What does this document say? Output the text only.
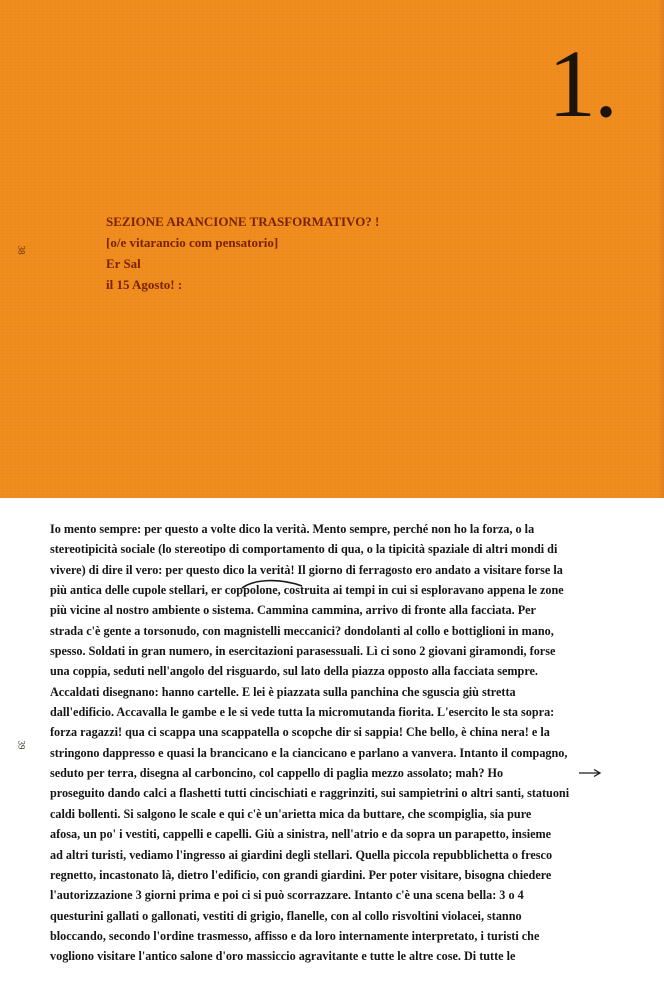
1.
SEZIONE ARANCIONE TRASFORMATIVO? !
[o/e vitarancio com pensatorio]
Er Sal
il 15 Agosto! :
38
39
Io mento sempre: per questo a volte dico la verità. Mento sempre, perché non ho la forza, o la
stereotipicità sociale (lo stereotipo di comportamento di qua, o la tipicità spaziale di altri mondi di
vivere) di dire il vero: per questo dico la verità! Il giorno di ferragosto ero andato a visitare forse la
più antica delle cupole stellari, er coppolone, costruita ai tempi in cui si esploravano appena le zone
più vicine al nostro ambiente o sistema. Cammina cammina, arrivo di fronte alla facciata. Per
strada c'è gente a torsonudo, con magnistelli meccanici? dondolanti al collo e bottiglioni in mano,
spesso. Soldati in gran numero, in esercitazioni parasessuali. Lì ci sono 2 giovani giramondi, forse
una coppia, seduti nell'angolo del risguardo, sul lato della piazza opposto alla facciata sempre.
Accaldati disegnano: hanno cartelle. E lei è piazzata sulla panchina che sguscia giù stretta
dall'edificio. Accavalla le gambe e le si vede tutta la micromutanda fiorita. L'esercito le sta sopra:
forza ragazzi! qua ci scappa una scappatella o scopche dir si sappia! Che bello, è china nera! e la
stringono dappresso e quasi la brancicano e la ciancicano e parlano a vanvera. Intanto il compagno,
seduto per terra, disegna al carboncino, col cappello di paglia mezzo assolato; mah? Ho
proseguito dando calci a flashetti tutti cincischiati e raggrinziti, sui sampietrini o altri santi, statuoni
caldi bollenti. Si salgono le scale e qui c'è un'arietta mica da buttare, che scompiglia, sia pure
afosa, un po' i vestiti, cappelli e capelli. Giù a sinistra, nell'atrio e da sopra un parapetto, insieme
ad altri turisti, vediamo l'ingresso ai giardini degli stellari. Quella piccola repubblichetta o fresco
regnetto, incastonato là, dietro l'edificio, con grandi giardini. Per poter visitare, bisogna chiedere
l'autorizzazione 3 giorni prima e poi ci si può scorrazzare. Intanto c'è una scena bella: 3 o 4
questurini gallati o gallonati, vestiti di grigio, flanelle, con al collo risvoltini violacei, stanno
bloccando, secondo l'ordine trasmesso, affisso e da loro internamente interpretato, i turisti che
vogliono visitare l'antico salone d'oro massiccio agravitante e tutte le altre cose. Di tutte le
